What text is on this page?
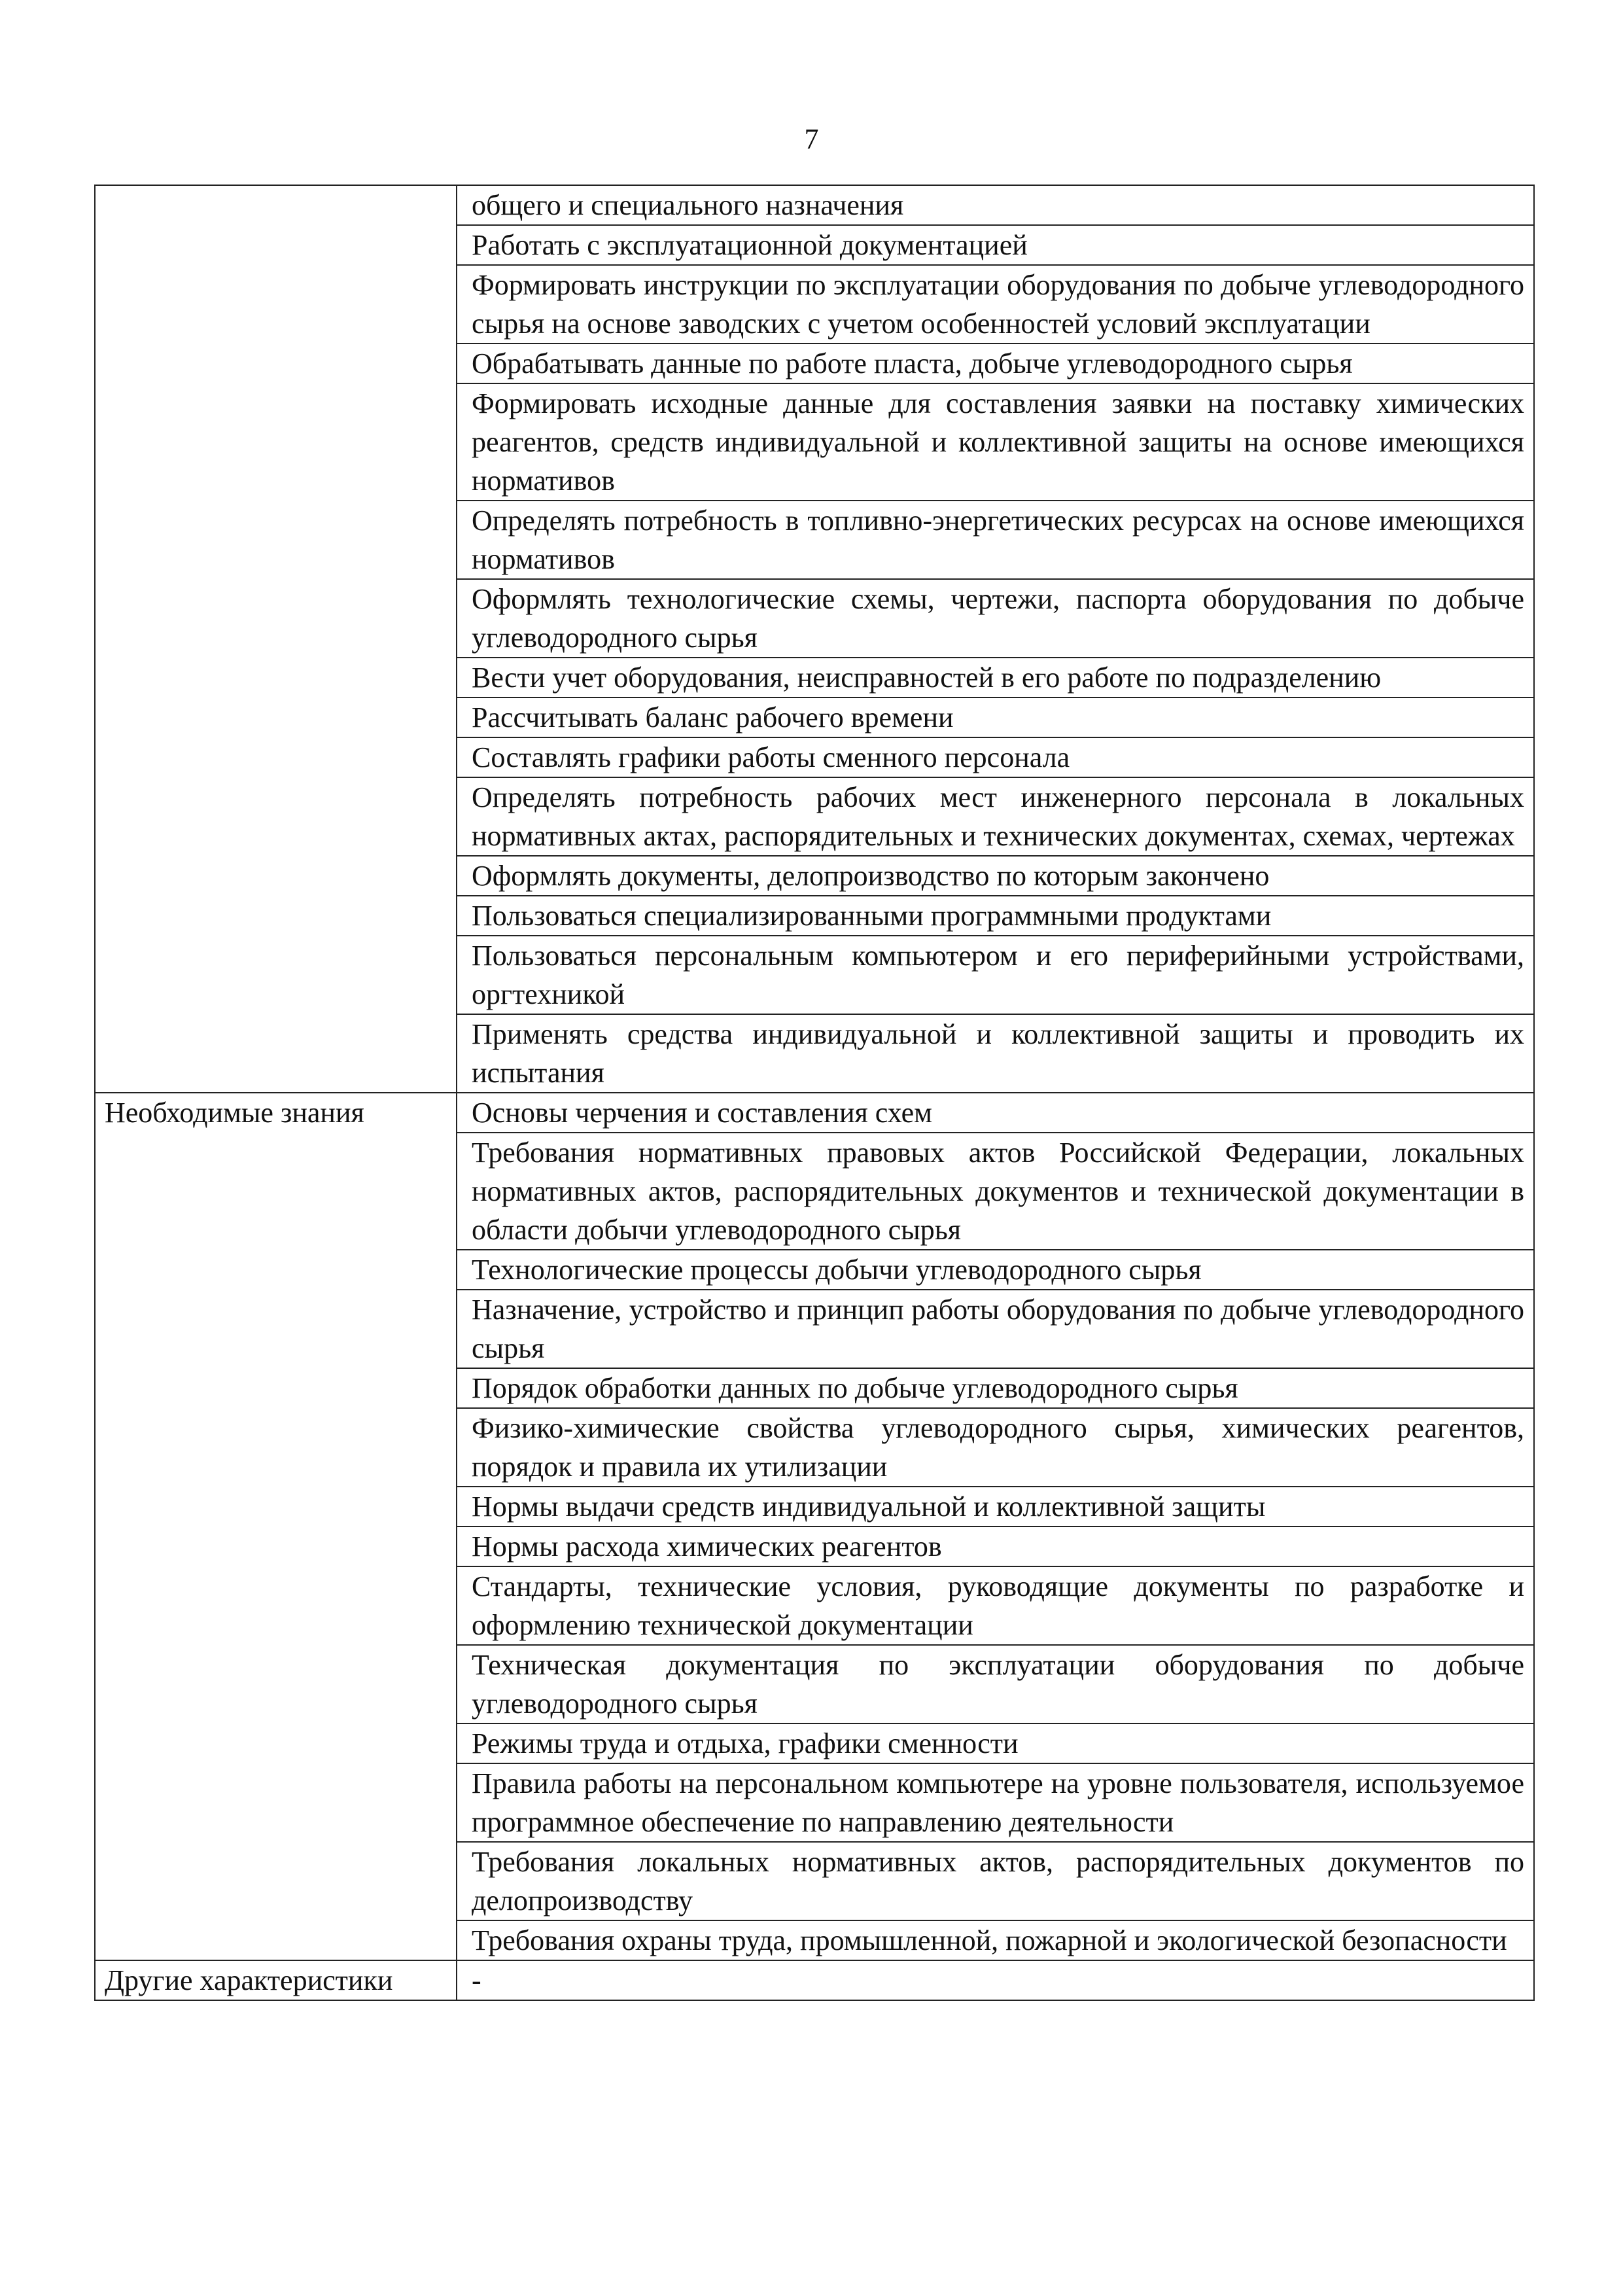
7
	общего и специального назначения
	Работать с эксплуатационной документацией
	Формировать инструкции по эксплуатации оборудования по добыче углеводородного сырья на основе заводских с учетом особенностей условий эксплуатации
	Обрабатывать данные по работе пласта, добыче углеводородного сырья
	Формировать исходные данные для составления заявки на поставку химических реагентов, средств индивидуальной и коллективной защиты на основе имеющихся нормативов
	Определять потребность в топливно-энергетических ресурсах на основе имеющихся нормативов
	Оформлять технологические схемы, чертежи, паспорта оборудования по добыче углеводородного сырья
	Вести учет оборудования, неисправностей в его работе по подразделению
	Рассчитывать баланс рабочего времени
	Составлять графики работы сменного персонала
	Определять потребность рабочих мест инженерного персонала в локальных нормативных актах, распорядительных и технических документах, схемах, чертежах
	Оформлять документы, делопроизводство по которым закончено
	Пользоваться специализированными программными продуктами
	Пользоваться персональным компьютером и его периферийными устройствами, оргтехникой
	Применять средства индивидуальной и коллективной защиты и проводить их испытания
Необходимые знания	Основы черчения и составления схем
	Требования нормативных правовых актов Российской Федерации, локальных нормативных актов, распорядительных документов и технической документации в области добычи углеводородного сырья
	Технологические процессы добычи углеводородного сырья
	Назначение, устройство и принцип работы оборудования по добыче углеводородного сырья
	Порядок обработки данных по добыче углеводородного сырья
	Физико-химические свойства углеводородного сырья, химических реагентов, порядок и правила их утилизации
	Нормы выдачи средств индивидуальной и коллективной защиты
	Нормы расхода химических реагентов
	Стандарты, технические условия, руководящие документы по разработке и оформлению технической документации
	Техническая документация по эксплуатации оборудования по добыче углеводородного сырья
	Режимы труда и отдыха, графики сменности
	Правила работы на персональном компьютере на уровне пользователя, используемое программное обеспечение по направлению деятельности
	Требования локальных нормативных актов, распорядительных документов по делопроизводству
	Требования охраны труда, промышленной, пожарной и экологической безопасности
Другие характеристики	-
